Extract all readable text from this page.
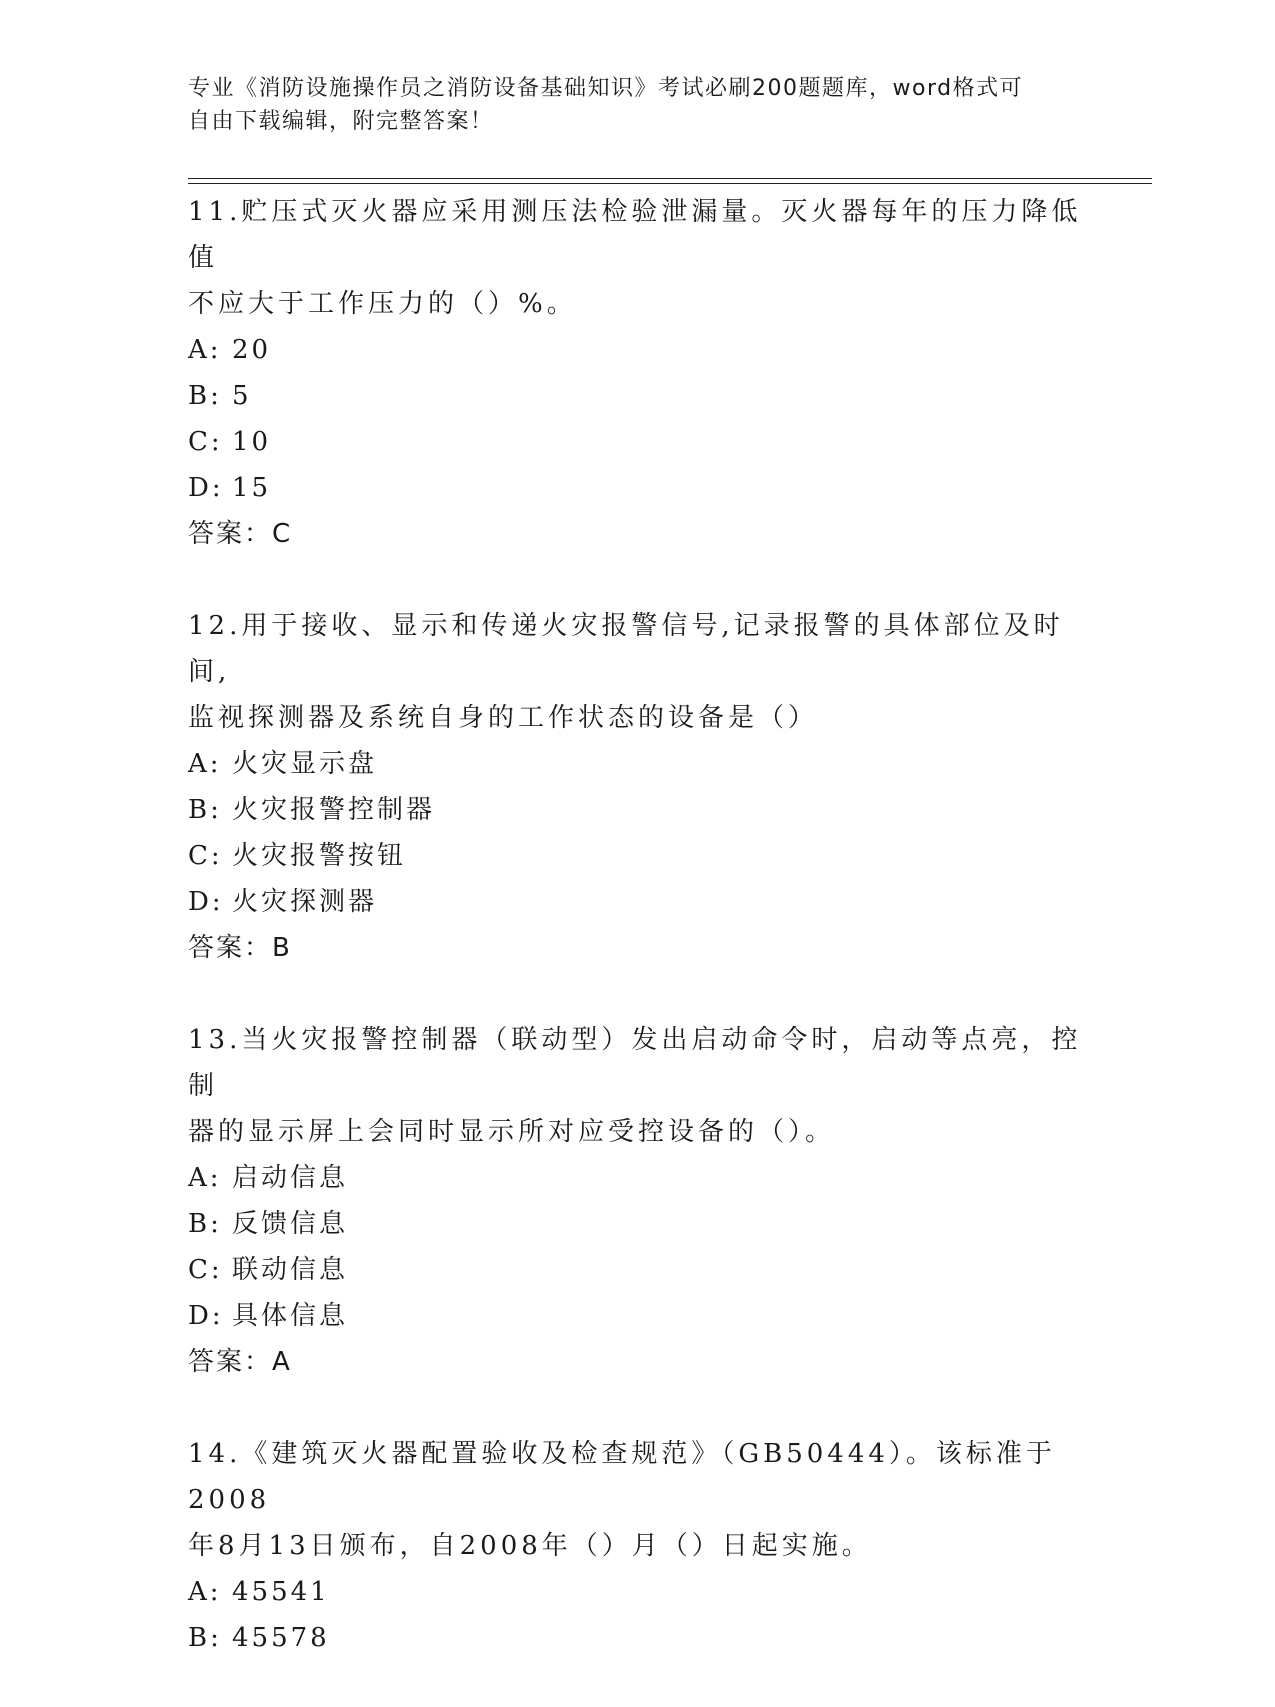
专业《消防设施操作员之消防设备基础知识》考试必刷200题题库，word格式可
自由下载编辑，附完整答案！
11.贮压式灭火器应采用测压法检验泄漏量。灭火器每年的压力降低值
不应大于工作压力的（）%。
A: 20
B: 5
C: 10
D: 15
答案：C
12.用于接收、显示和传递火灾报警信号,记录报警的具体部位及时间,
监视探测器及系统自身的工作状态的设备是（）
A: 火灾显示盘
B: 火灾报警控制器
C: 火灾报警按钮
D: 火灾探测器
答案：B
13.当火灾报警控制器（联动型）发出启动命令时，启动等点亮，控制
器的显示屏上会同时显示所对应受控设备的（）。
A: 启动信息
B: 反馈信息
C: 联动信息
D: 具体信息
答案：A
14.《建筑灭火器配置验收及检查规范》（GB50444）。该标准于2008
年8月13日颁布，自2008年（）月（）日起实施。
A: 45541
B: 45578
